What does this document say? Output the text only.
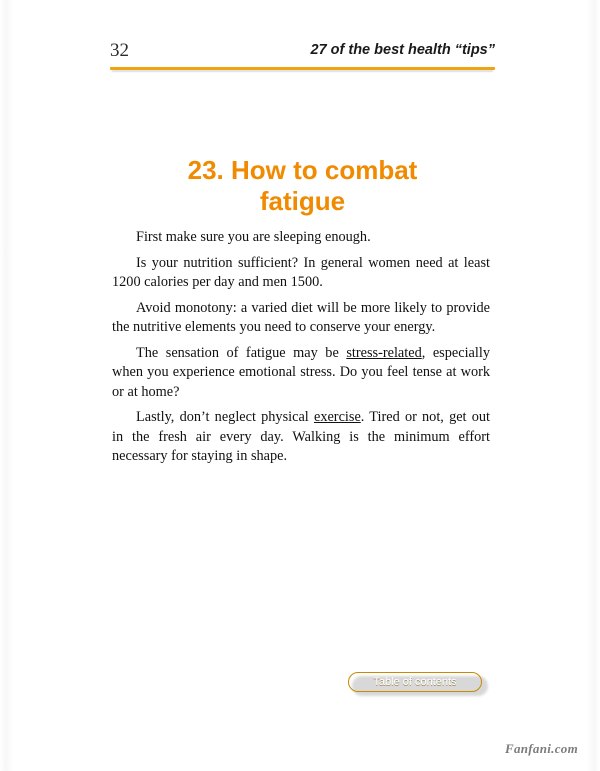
32	27 of the best health “tips”
23. How to combat
fatigue

First make sure you are sleeping enough.

Is your nutrition sufficient? In general women need at least 1200 calories per day and men 1500.

Avoid monotony: a varied diet will be more likely to provide the nutritive elements you need to conserve your energy.

The sensation of fatigue may be stress-related, especially when you experience emotional stress. Do you feel tense at work or at home?

Lastly, don’t neglect physical exercise. Tired or not, get out in the fresh air every day. Walking is the minimum effort necessary for staying in shape.

Table of contents
Fanfani.com
